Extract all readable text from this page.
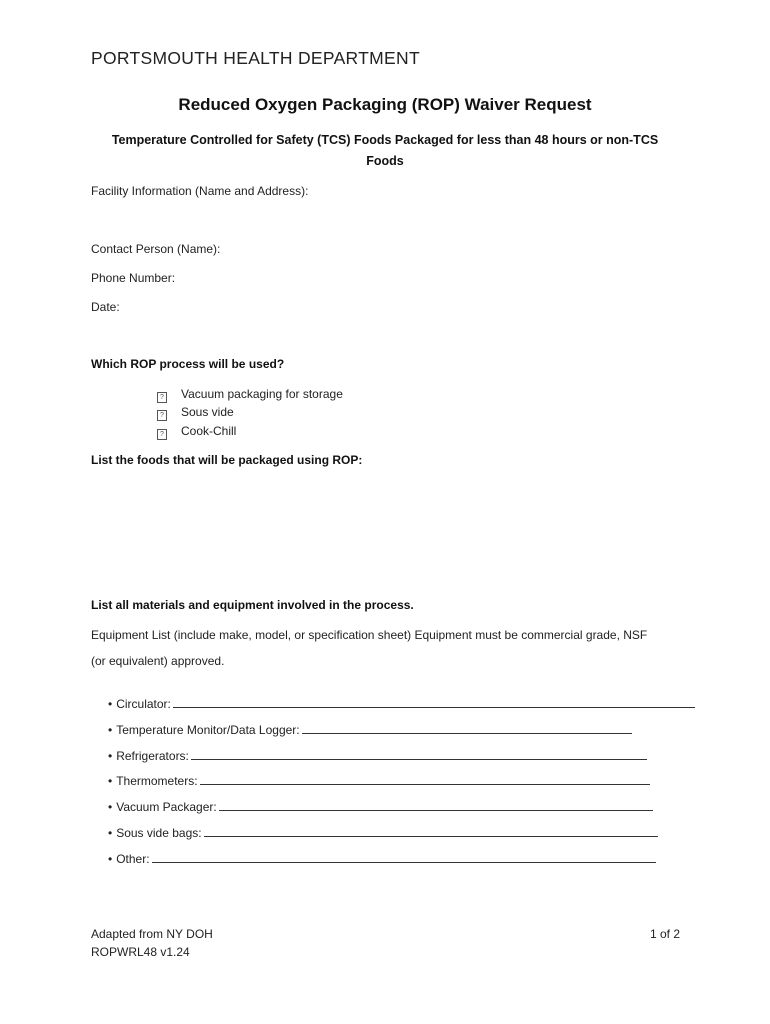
PORTSMOUTH HEALTH DEPARTMENT
Reduced Oxygen Packaging (ROP) Waiver Request
Temperature Controlled for Safety (TCS) Foods Packaged for less than 48 hours or non-TCS Foods
Facility Information (Name and Address):
Contact Person (Name):
Phone Number:
Date:
Which ROP process will be used?
? Vacuum packaging for storage
? Sous vide
? Cook-Chill
List the foods that will be packaged using ROP:
List all materials and equipment involved in the process.
Equipment List (include make, model, or specification sheet) Equipment must be commercial grade, NSF
(or equivalent) approved.
• Circulator:
• Temperature Monitor/Data Logger:
• Refrigerators:
• Thermometers:
• Vacuum Packager:
• Sous vide bags:
• Other:
Adapted from NY DOH
ROPWRL48 v1.24
1 of 2
